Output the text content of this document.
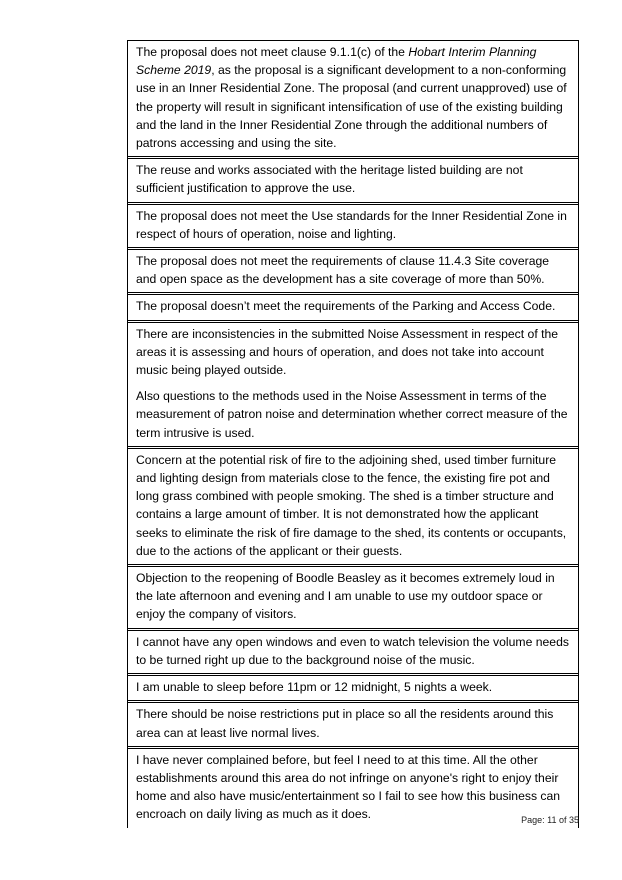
The proposal does not meet clause 9.1.1(c) of the Hobart Interim Planning Scheme 2019, as the proposal is a significant development to a non-conforming use in an Inner Residential Zone. The proposal (and current unapproved) use of the property will result in significant intensification of use of the existing building and the land in the Inner Residential Zone through the additional numbers of patrons accessing and using the site.

The reuse and works associated with the heritage listed building are not sufficient justification to approve the use.

The proposal does not meet the Use standards for the Inner Residential Zone in respect of hours of operation, noise and lighting.

The proposal does not meet the requirements of clause 11.4.3 Site coverage and open space as the development has a site coverage of more than 50%.

The proposal doesn’t meet the requirements of the Parking and Access Code.

There are inconsistencies in the submitted Noise Assessment in respect of the areas it is assessing and hours of operation, and does not take into account music being played outside.

Also questions to the methods used in the Noise Assessment in terms of the measurement of patron noise and determination whether correct measure of the term intrusive is used.

Concern at the potential risk of fire to the adjoining shed, used timber furniture and lighting design from materials close to the fence, the existing fire pot and long grass combined with people smoking. The shed is a timber structure and contains a large amount of timber. It is not demonstrated how the applicant seeks to eliminate the risk of fire damage to the shed, its contents or occupants, due to the actions of the applicant or their guests.

Objection to the reopening of Boodle Beasley as it becomes extremely loud in the late afternoon and evening and I am unable to use my outdoor space or enjoy the company of visitors.

I cannot have any open windows and even to watch television the volume needs to be turned right up due to the background noise of the music.

I am unable to sleep before 11pm or 12 midnight, 5 nights a week.

There should be noise restrictions put in place so all the residents around this area can at least live normal lives.

I have never complained before, but feel I need to at this time. All the other establishments around this area do not infringe on anyone's right to enjoy their home and also have music/entertainment so I fail to see how this business can encroach on daily living as much as it does.	Page: 11 of 35
